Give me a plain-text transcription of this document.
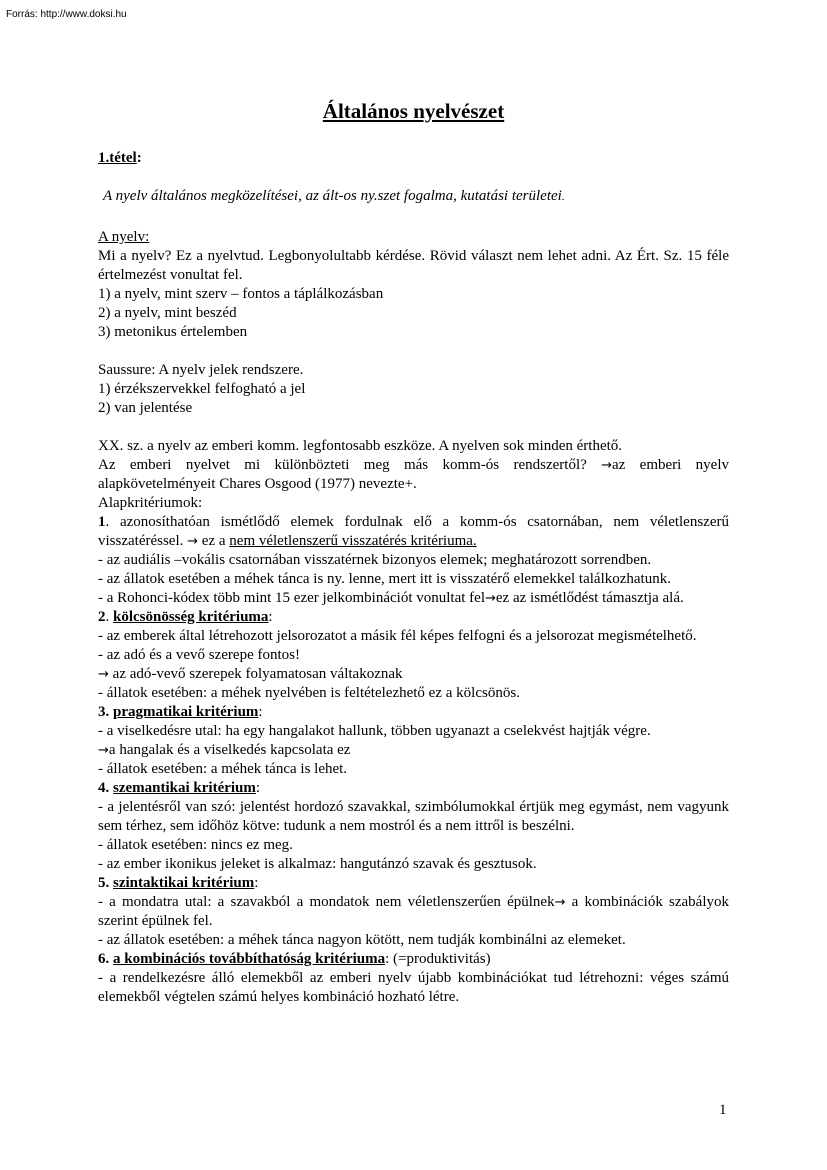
Forrás: http://www.doksi.hu
Általános nyelvészet
1.tétel:
A nyelv általános megközelítései, az ált-os ny.szet fogalma, kutatási területei.

A nyelv:

Mi a nyelv? Ez a nyelvtud. Legbonyolultabb kérdése. Rövid választ nem lehet adni. Az Ért. Sz. 15 féle értelmezést vonultat fel.

1) a nyelv, mint szerv – fontos a táplálkozásban

2) a nyelv, mint beszéd

3) metonikus értelemben

Saussure: A nyelv jelek rendszere.

1) érzékszervekkel felfogható a jel

2) van jelentése

XX. sz. a nyelv az emberi komm. legfontosabb eszköze. A nyelven sok minden érthető.

Az emberi nyelvet mi különbözteti meg más komm-ós rendszertől? →az emberi nyelv alapkövetelményeit Chares Osgood (1977) nevezte+.

Alapkritériumok:

1. azonosíthatóan ismétlődő elemek fordulnak elő a komm-ós csatornában, nem véletlenszerű visszatéréssel. → ez a nem véletlenszerű visszatérés kritériuma.

- az audiális –vokális csatornában visszatérnek bizonyos elemek; meghatározott sorrendben.

- az állatok esetében a méhek tánca is ny. lenne, mert itt is visszatérő elemekkel találkozhatunk.

- a Rohonci-kódex több mint 15 ezer jelkombinációt vonultat fel→ez az ismétlődést támasztja alá.

2. kölcsönösség kritériuma:

- az emberek által létrehozott jelsorozatot a másik fél képes felfogni és a jelsorozat megismételhető.

- az adó és a vevő szerepe fontos!

→ az adó-vevő szerepek folyamatosan váltakoznak

- állatok esetében: a méhek nyelvében is feltételezhető ez a kölcsönös.

3. pragmatikai kritérium:

- a viselkedésre utal: ha egy hangalakot hallunk, többen ugyanazt a cselekvést hajtják végre.

→a hangalak és a viselkedés kapcsolata ez

- állatok esetében: a méhek tánca is lehet.

4. szemantikai kritérium:

- a jelentésről van szó: jelentést hordozó szavakkal, szimbólumokkal értjük meg egymást, nem vagyunk sem térhez, sem időhöz kötve: tudunk a nem mostról és a nem ittről is beszélni.

- állatok esetében: nincs ez meg.

- az ember ikonikus jeleket is alkalmaz: hangutánzó szavak és gesztusok.

5. szintaktikai kritérium:

- a mondatra utal: a szavakból a mondatok nem véletlenszerűen épülnek→ a kombinációk szabályok szerint épülnek fel.

- az állatok esetében: a méhek tánca nagyon kötött, nem tudják kombinálni az elemeket.

6. a kombinációs továbbíthatóság kritériuma: (=produktivitás)

- a rendelkezésre álló elemekből az emberi nyelv újabb kombinációkat tud létrehozni: véges számú elemekből végtelen számú helyes kombináció hozható létre.

1
